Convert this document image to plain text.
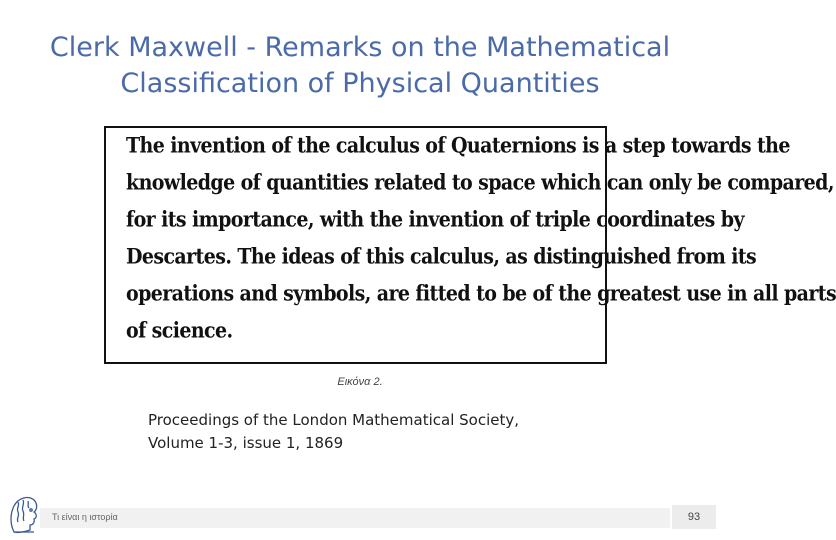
Clerk Maxwell - Remarks on the Mathematical
Classification of Physical Quantities
The invention of the calculus of Quaternions is a step towards the
knowledge of quantities related to space which can only be compared,
for its importance, with the invention of triple coordinates by
Descartes. The ideas of this calculus, as distinguished from its
operations and symbols, are fitted to be of the greatest use in all parts
of science.
Εικόνα 2.
Proceedings of the London Mathematical Society,
Volume 1-3, issue 1, 1869
Τι είναι η ιστορία	93
